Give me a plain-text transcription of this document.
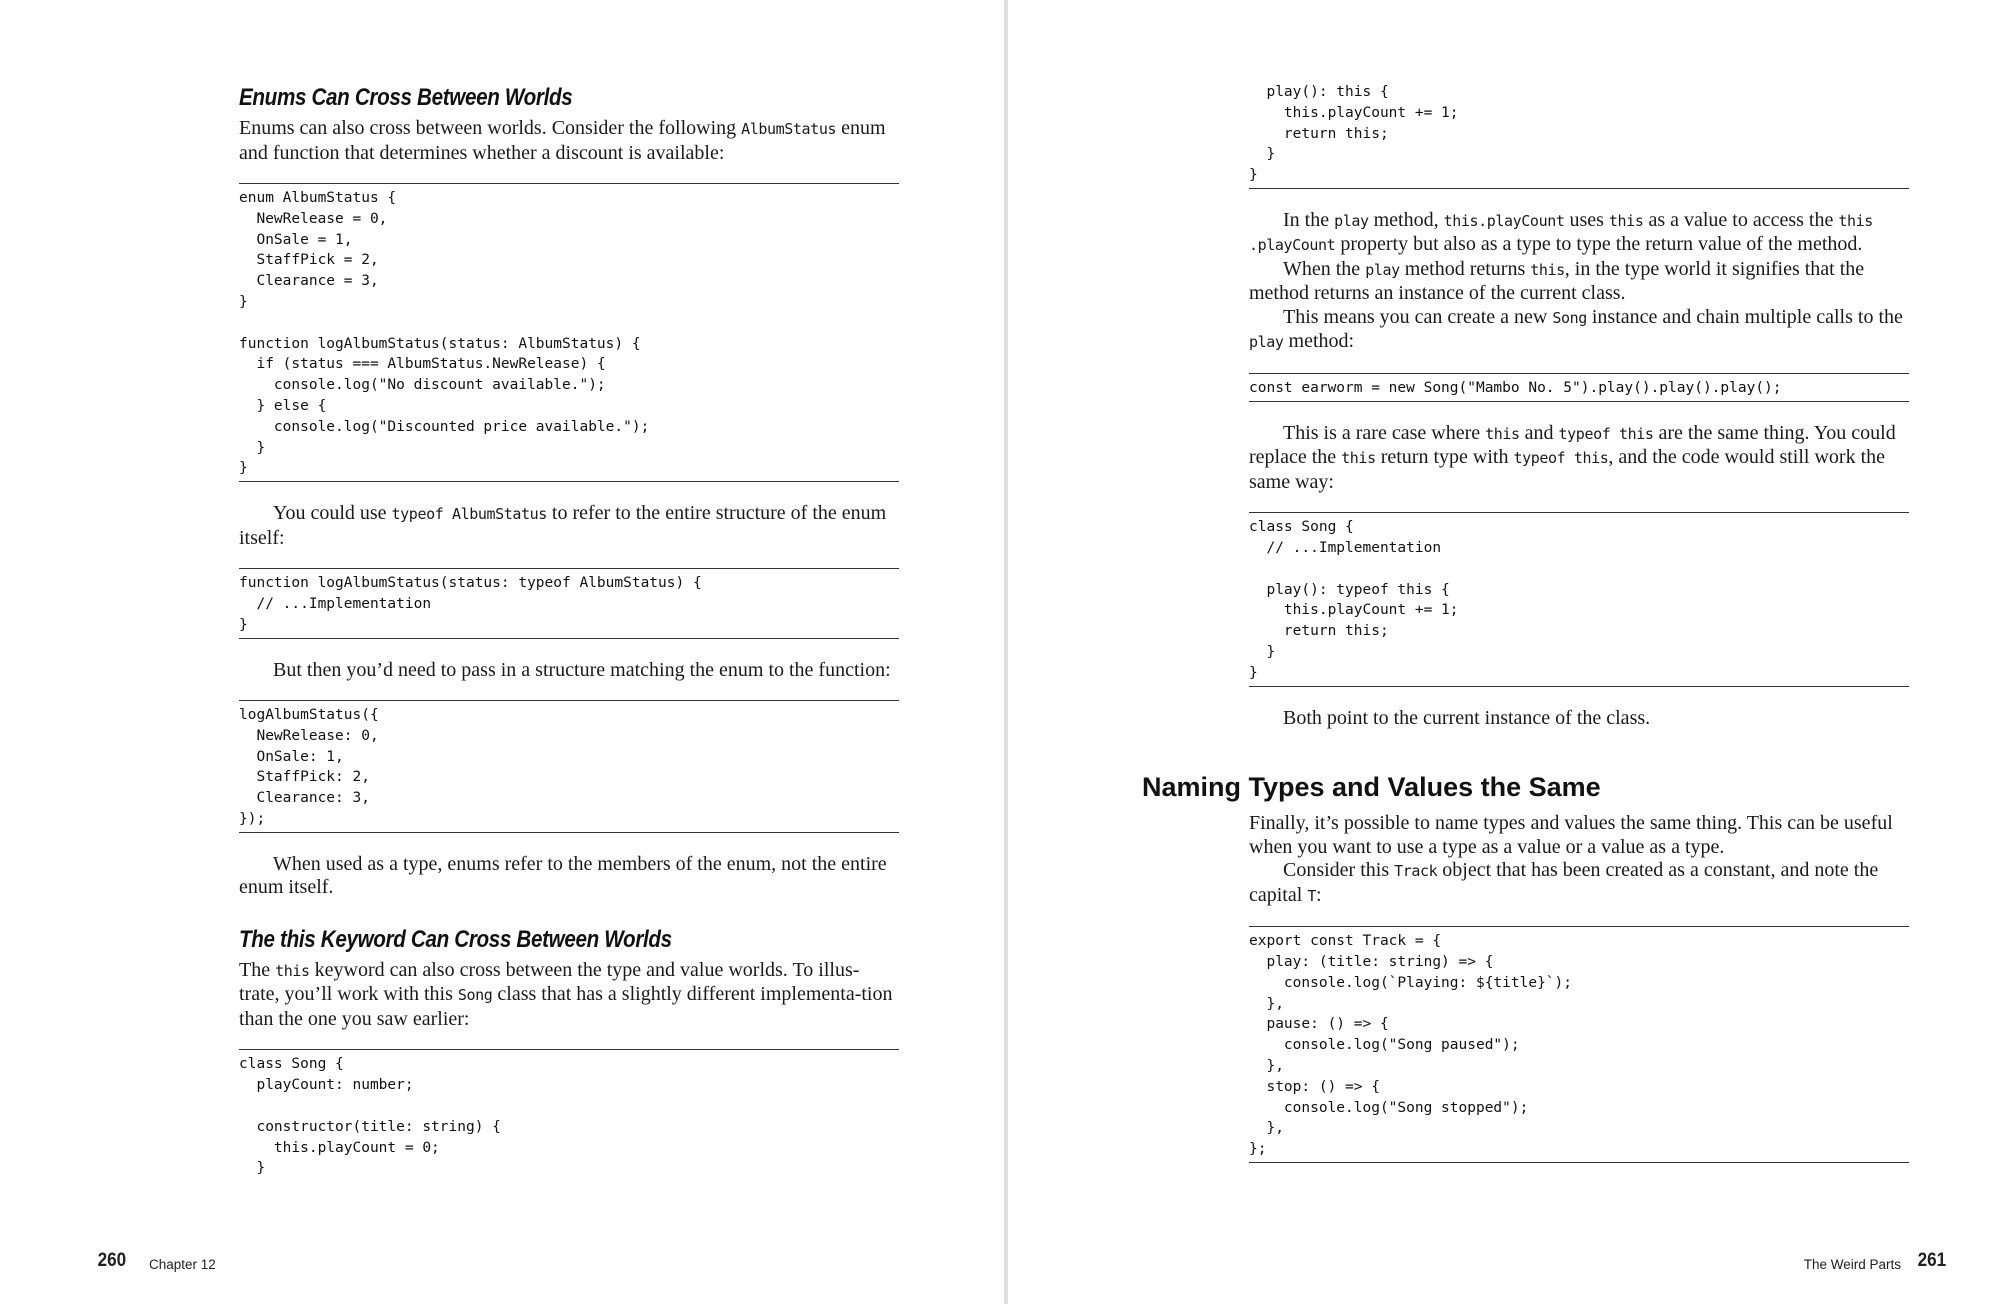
Enums Can Cross Between Worlds

Enums can also cross between worlds. Consider the following AlbumStatus enum and function that determines whether a discount is available:

enum AlbumStatus {
NewRelease = 0,
OnSale = 1,
StaffPick = 2,
Clearance = 3,
}
function logAlbumStatus(status: AlbumStatus) {
if (status === AlbumStatus.NewRelease) {
console.log("No discount available.");
} else {
console.log("Discounted price available.");
}
}

You could use typeof AlbumStatus to refer to the entire structure of the enum itself:

function logAlbumStatus(status: typeof AlbumStatus) {
// ...Implementation
}

But then you’d need to pass in a structure matching the enum to the function:

logAlbumStatus({
NewRelease: 0,
OnSale: 1,
StaffPick: 2,
Clearance: 3,
});

When used as a type, enums refer to the members of the enum, not the entire enum itself.

The this Keyword Can Cross Between Worlds

The this keyword can also cross between the type and value worlds. To illus-trate, you’ll work with this Song class that has a slightly different implementa-tion than the one you saw earlier:

class Song {
playCount: number;
constructor(title: string) {
this.playCount = 0;
}
play(): this {
this.playCount += 1;
return this;
}
}

In the play method, this.playCount uses this as a value to access the this .playCount property but also as a type to type the return value of the method.

When the play method returns this, in the type world it signifies that the method returns an instance of the current class.

This means you can create a new Song instance and chain multiple calls to the play method:

const earworm = new Song("Mambo No. 5").play().play().play();

This is a rare case where this and typeof this are the same thing. You could replace the this return type with typeof this, and the code would still work the same way:

class Song {
// ...Implementation
play(): typeof this {
this.playCount += 1;
return this;
}
}

Both point to the current instance of the class.

Naming Types and Values the Same

Finally, it’s possible to name types and values the same thing. This can be useful when you want to use a type as a value or a value as a type.

Consider this Track object that has been created as a constant, and note the capital T:

export const Track = {
play: (title: string) => {
console.log(`Playing: ${title}`);
},
pause: () => {
console.log("Song paused");
},
stop: () => {
console.log("Song stopped");
},
};
260 Chapter 12	The Weird Parts 261
